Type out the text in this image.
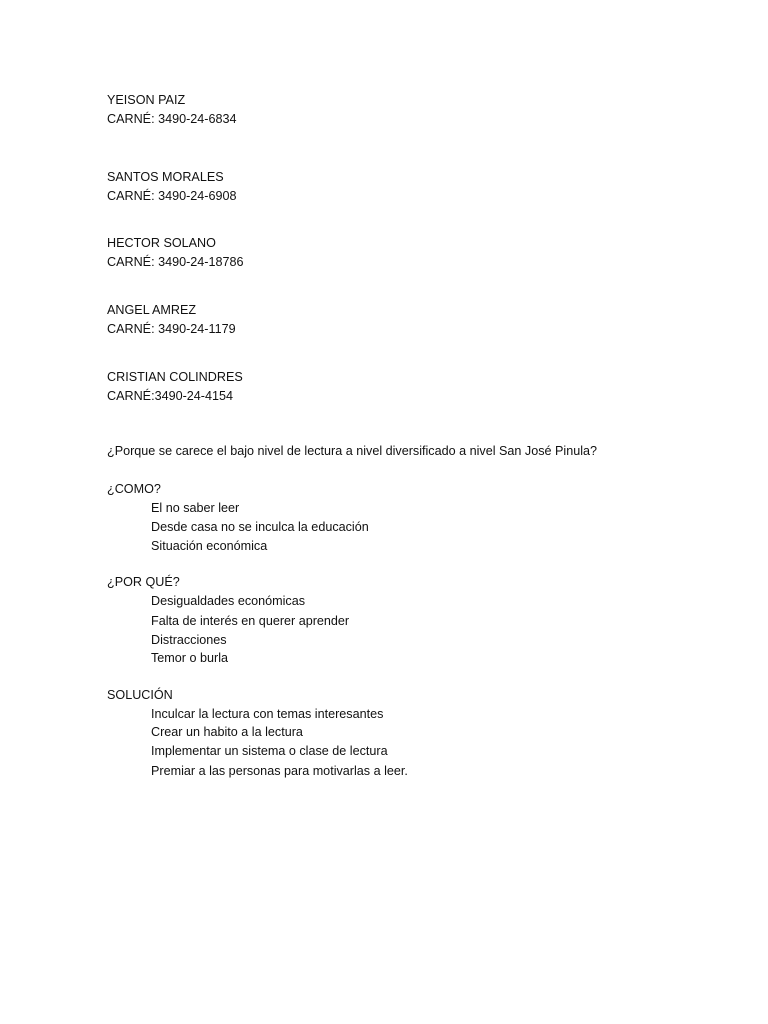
YEISON PAIZ

CARNÉ: 3490-24-6834

SANTOS MORALES

CARNÉ: 3490-24-6908

HECTOR SOLANO

CARNÉ: 3490-24-18786

ANGEL AMREZ

CARNÉ: 3490-24-1179

CRISTIAN COLINDRES

CARNÉ:3490-24-4154

¿Porque se carece el bajo nivel de lectura a nivel diversificado a nivel San José Pinula?

¿COMO?

El no saber leer

Desde casa no se inculca la educación

Situación económica

¿POR QUÉ?

Desigualdades económicas

Falta de interés en querer aprender

Distracciones

Temor o burla

SOLUCIÓN

Inculcar la lectura con temas interesantes

Crear un habito a la lectura

Implementar un sistema o clase de lectura

Premiar a las personas para motivarlas a leer.
